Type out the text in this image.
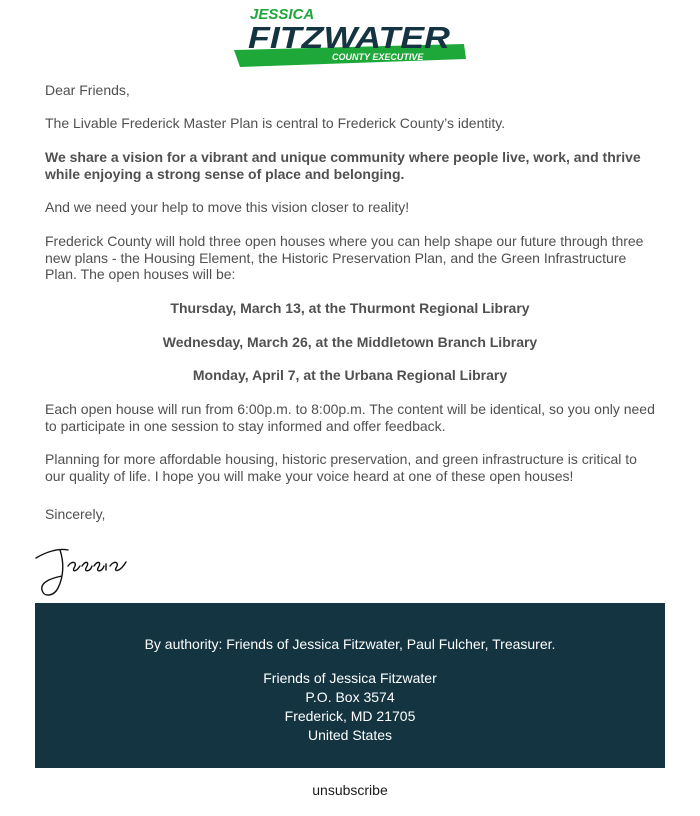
JESSICA
FITZWATER
COUNTY EXECUTIVE

Dear Friends,

The Livable Frederick Master Plan is central to Frederick County’s identity.

We share a vision for a vibrant and unique community where people live, work, and thrive while enjoying a strong sense of place and belonging.

And we need your help to move this vision closer to reality!

Frederick County will hold three open houses where you can help shape our future through three new plans - the Housing Element, the Historic Preservation Plan, and the Green Infrastructure Plan. The open houses will be:

Thursday, March 13, at the Thurmont Regional Library

Wednesday, March 26, at the Middletown Branch Library

Monday, April 7, at the Urbana Regional Library

Each open house will run from 6:00p.m. to 8:00p.m. The content will be identical, so you only need to participate in one session to stay informed and offer feedback.

Planning for more affordable housing, historic preservation, and green infrastructure is critical to our quality of life. I hope you will make your voice heard at one of these open houses!

Sincerely,

By authority: Friends of Jessica Fitzwater, Paul Fulcher, Treasurer.
Friends of Jessica Fitzwater
P.O. Box 3574
Frederick, MD 21705
United States
unsubscribe
